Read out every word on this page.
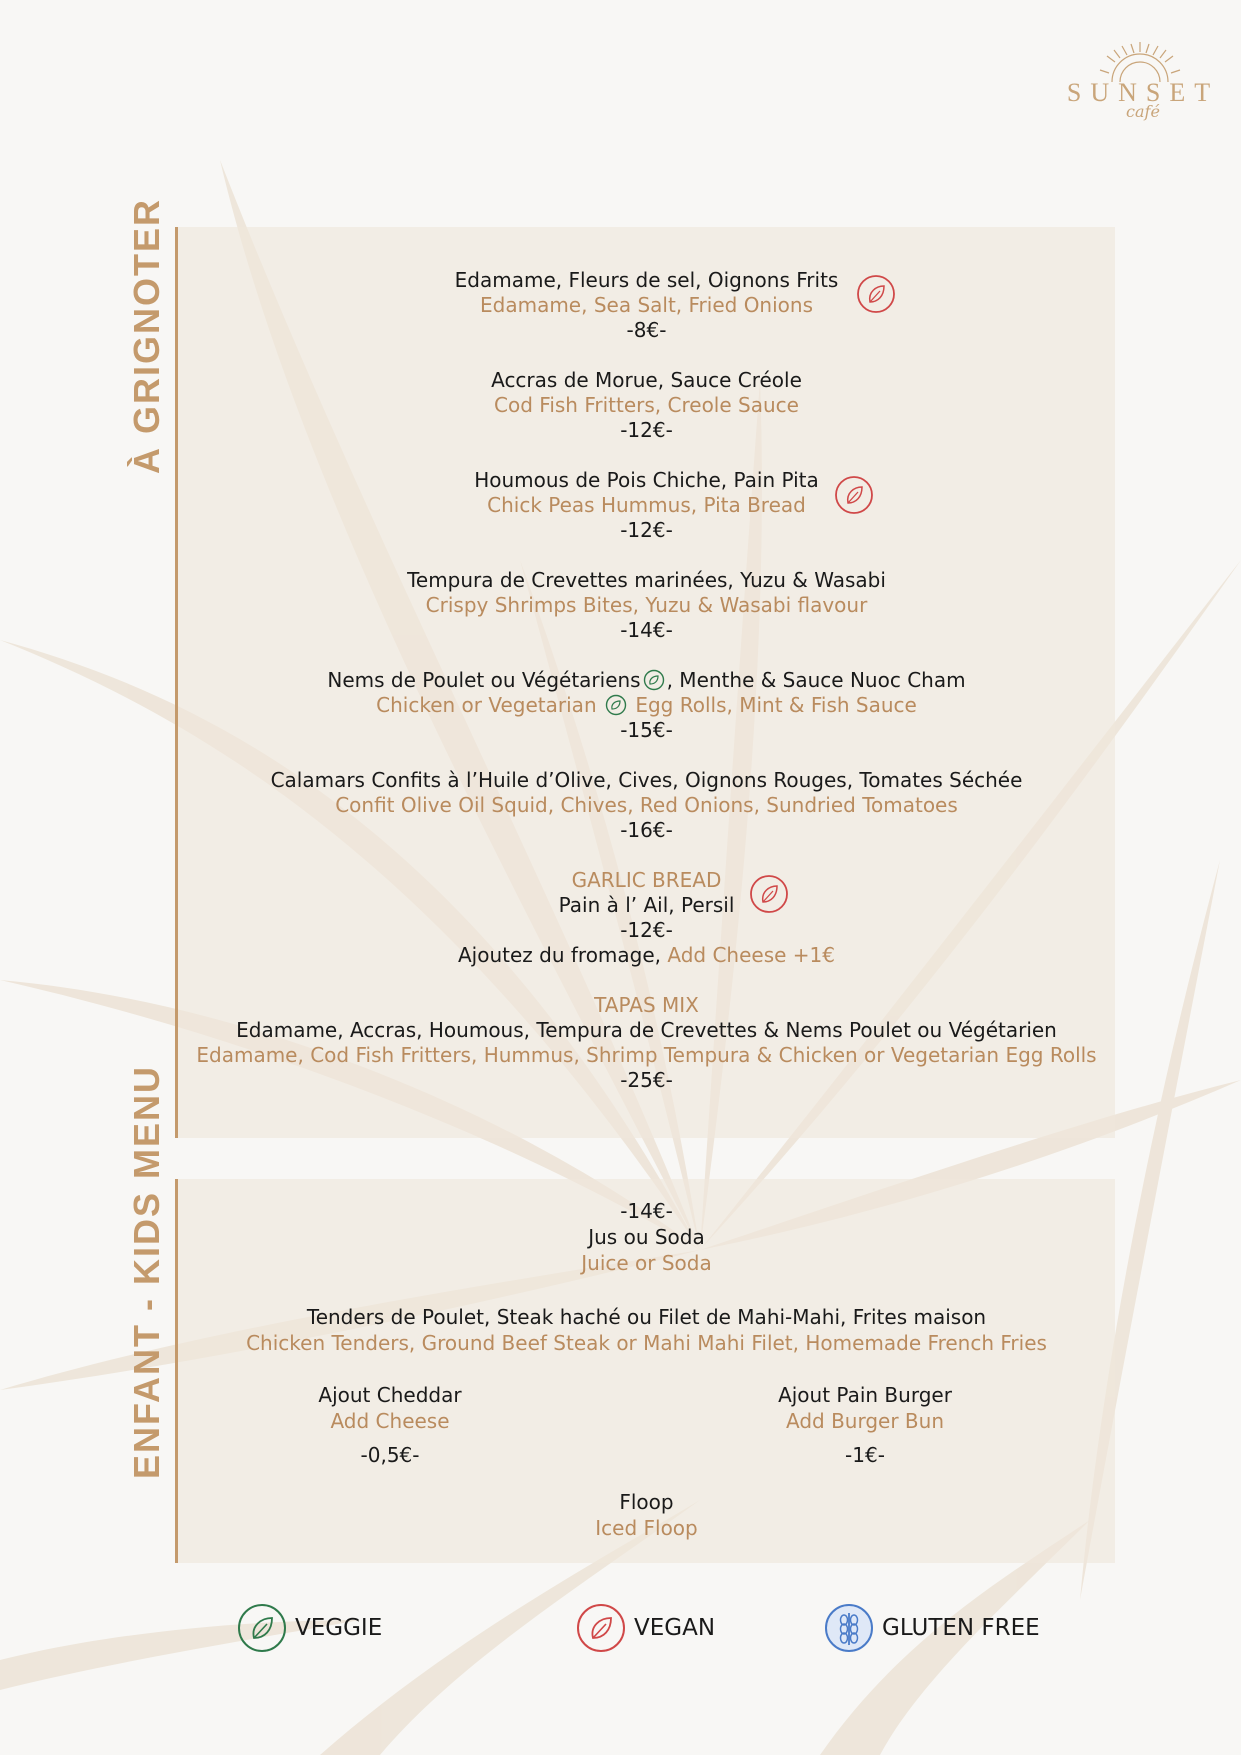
SUNSET
café
À GRIGNOTER
ENFANT - KIDS MENU
Edamame, Fleurs de sel, Oignons Frits
Edamame, Sea Salt, Fried Onions
-8€-
Accras de Morue, Sauce Créole
Cod Fish Fritters, Creole Sauce
-12€-
Houmous de Pois Chiche, Pain Pita
Chick Peas Hummus, Pita Bread
-12€-
Tempura de Crevettes marinées, Yuzu & Wasabi
Crispy Shrimps Bites, Yuzu & Wasabi flavour
-14€-
Nems de Poulet ou Végétariens , Menthe & Sauce Nuoc Cham
Chicken or Vegetarian Egg Rolls, Mint & Fish Sauce
-15€-
Calamars Confits à l’Huile d’Olive, Cives, Oignons Rouges, Tomates Séchée
Confit Olive Oil Squid, Chives, Red Onions, Sundried Tomatoes
-16€-
GARLIC BREAD
Pain à l’ Ail, Persil
-12€-
Ajoutez du fromage, Add Cheese +1€
TAPAS MIX
Edamame, Accras, Houmous, Tempura de Crevettes & Nems Poulet ou Végétarien
Edamame, Cod Fish Fritters, Hummus, Shrimp Tempura & Chicken or Vegetarian Egg Rolls
-25€-
-14€-
Jus ou Soda
Juice or Soda
Tenders de Poulet, Steak haché ou Filet de Mahi-Mahi, Frites maison
Chicken Tenders, Ground Beef Steak or Mahi Mahi Filet, Homemade French Fries
Ajout Cheddar
Add Cheese
-0,5€-
Ajout Pain Burger
Add Burger Bun
-1€-
Floop
Iced Floop
VEGGIE	VEGAN	GLUTEN FREE
